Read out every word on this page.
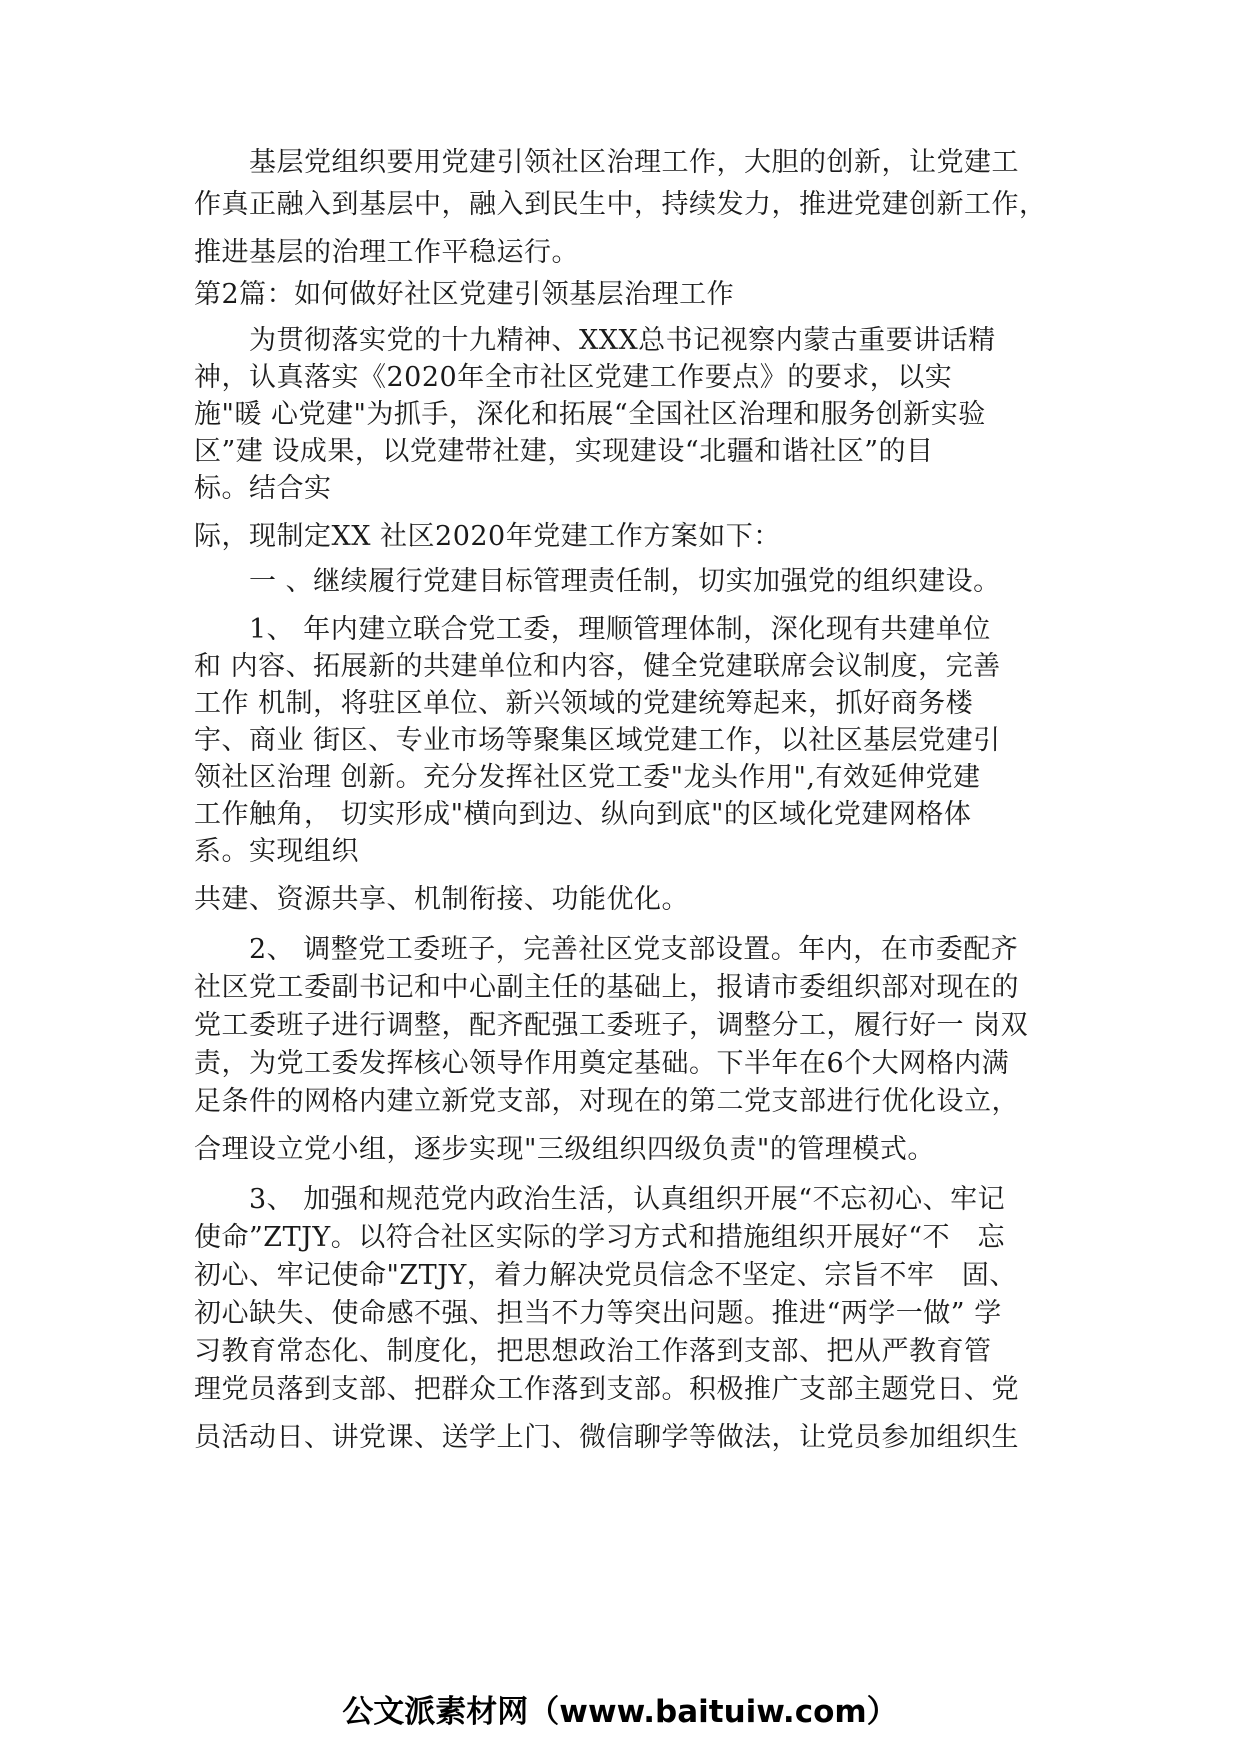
　　基层党组织要用党建引领社区治理工作，大胆的创新，让党建工
作真正融入到基层中，融入到民生中，持续发力，推进党建创新工作，
推进基层的治理工作平稳运行。
第2篇：如何做好社区党建引领基层治理工作
　　为贯彻落实党的十九精神、XXX总书记视察内蒙古重要讲话精
神，认真落实《2020年全市社区党建工作要点》的要求，以实
施"暖 心党建"为抓手，深化和拓展“全国社区治理和服务创新实验
区”建 设成果，以党建带社建，实现建设“北疆和谐社区”的目
标。结合实
际，现制定XX 社区2020年党建工作方案如下：
　　一 、继续履行党建目标管理责任制，切实加强党的组织建设。
　　1、 年内建立联合党工委，理顺管理体制，深化现有共建单位
和 内容、拓展新的共建单位和内容，健全党建联席会议制度，完善
工作 机制，将驻区单位、新兴领域的党建统筹起来，抓好商务楼
宇、商业 街区、专业市场等聚集区域党建工作，以社区基层党建引
领社区治理 创新。充分发挥社区党工委"龙头作用",有效延伸党建
工作触角， 切实形成"横向到边、纵向到底"的区域化党建网格体
系。实现组织
共建、资源共享、机制衔接、功能优化。
　　2、 调整党工委班子，完善社区党支部设置。年内，在市委配齐
社区党工委副书记和中心副主任的基础上，报请市委组织部对现在的
党工委班子进行调整，配齐配强工委班子，调整分工，履行好一 岗双
责，为党工委发挥核心领导作用奠定基础。下半年在6个大网格内满
足条件的网格内建立新党支部，对现在的第二党支部进行优化设立，
合理设立党小组，逐步实现"三级组织四级负责"的管理模式。
　　3、 加强和规范党内政治生活，认真组织开展“不忘初心、牢记
使命”ZTJY。以符合社区实际的学习方式和措施组织开展好“不　忘
初心、牢记使命"ZTJY，着力解决党员信念不坚定、宗旨不牢　固、
初心缺失、使命感不强、担当不力等突出问题。推进“两学一做” 学
习教育常态化、制度化，把思想政治工作落到支部、把从严教育管
理党员落到支部、把群众工作落到支部。积极推广支部主题党日、党
员活动日、讲党课、送学上门、微信聊学等做法，让党员参加组织生
公文派素材网（www.baituiw.com）
